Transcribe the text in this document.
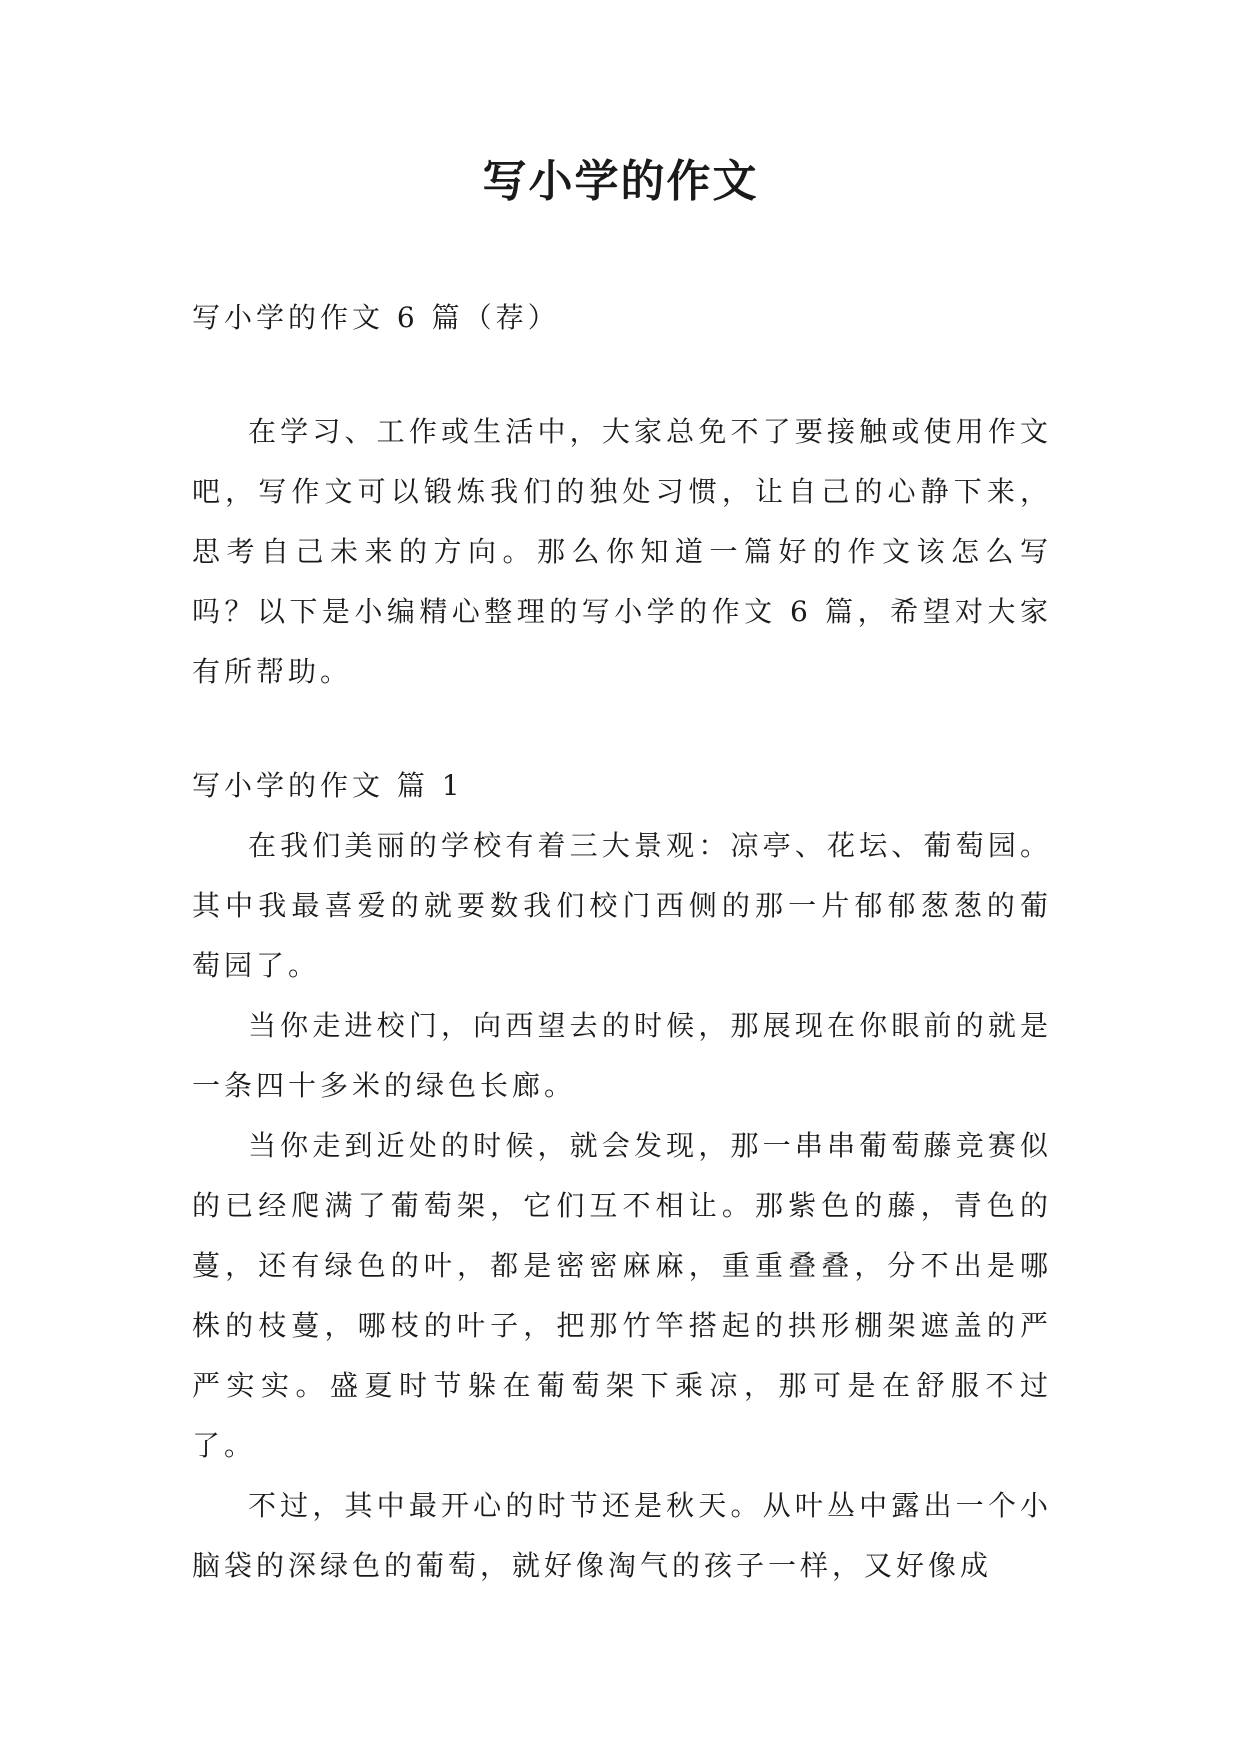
写小学的作文
写小学的作文 6 篇（荐）
在学习、工作或生活中，大家总免不了要接触或使用作文吧，写作文可以锻炼我们的独处习惯，让自己的心静下来，思考自己未来的方向。那么你知道一篇好的作文该怎么写吗？以下是小编精心整理的写小学的作文 6 篇，希望对大家有所帮助。
写小学的作文 篇 1

在我们美丽的学校有着三大景观：凉亭、花坛、葡萄园。其中我最喜爱的就要数我们校门西侧的那一片郁郁葱葱的葡萄园了。

当你走进校门，向西望去的时候，那展现在你眼前的就是一条四十多米的绿色长廊。

当你走到近处的时候，就会发现，那一串串葡萄藤竞赛似的已经爬满了葡萄架，它们互不相让。那紫色的藤，青色的蔓，还有绿色的叶，都是密密麻麻，重重叠叠，分不出是哪株的枝蔓，哪枝的叶子，把那竹竿搭起的拱形棚架遮盖的严严实实。盛夏时节躲在葡萄架下乘凉，那可是在舒服不过了。

不过，其中最开心的时节还是秋天。从叶丛中露出一个小脑袋的深绿色的葡萄，就好像淘气的孩子一样，又好像成
